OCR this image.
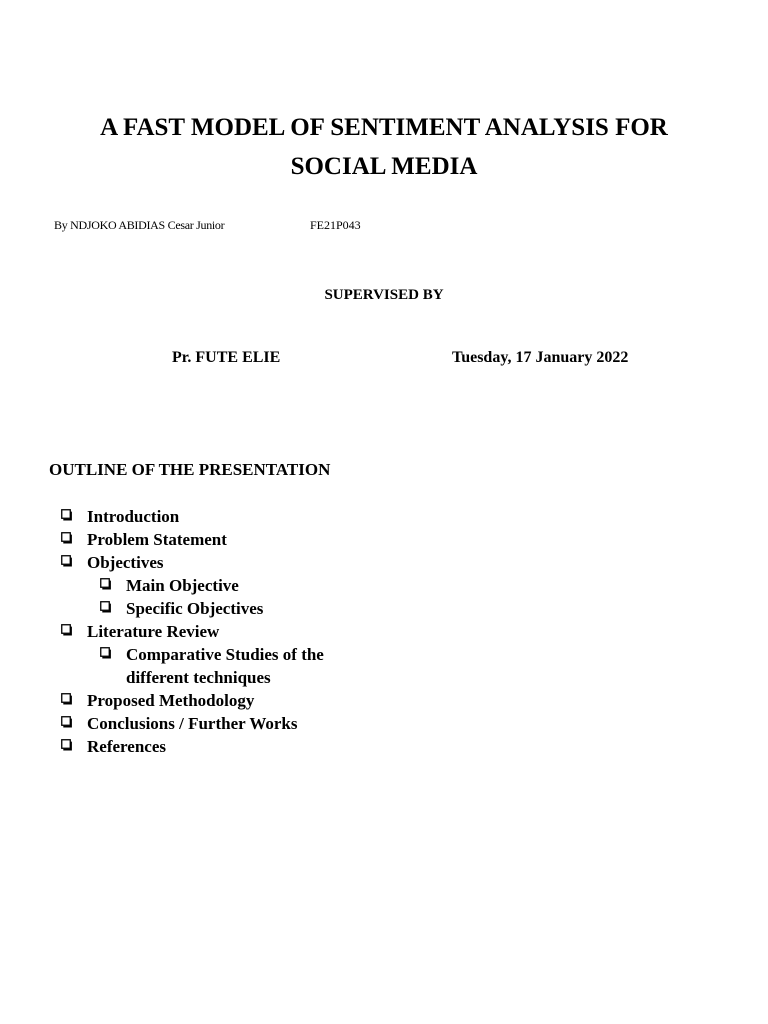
A FAST MODEL OF SENTIMENT ANALYSIS FOR
SOCIAL MEDIA

By NDJOKO ABIDIAS Cesar Junior	FE21P043

SUPERVISED BY

Pr. FUTE ELIE	Tuesday, 17 January 2022

OUTLINE OF THE PRESENTATION
Introduction
Problem Statement
Objectives
Main Objective
Specific Objectives
Literature Review
Comparative Studies of the
different techniques
Proposed Methodology
Conclusions / Further Works
References
